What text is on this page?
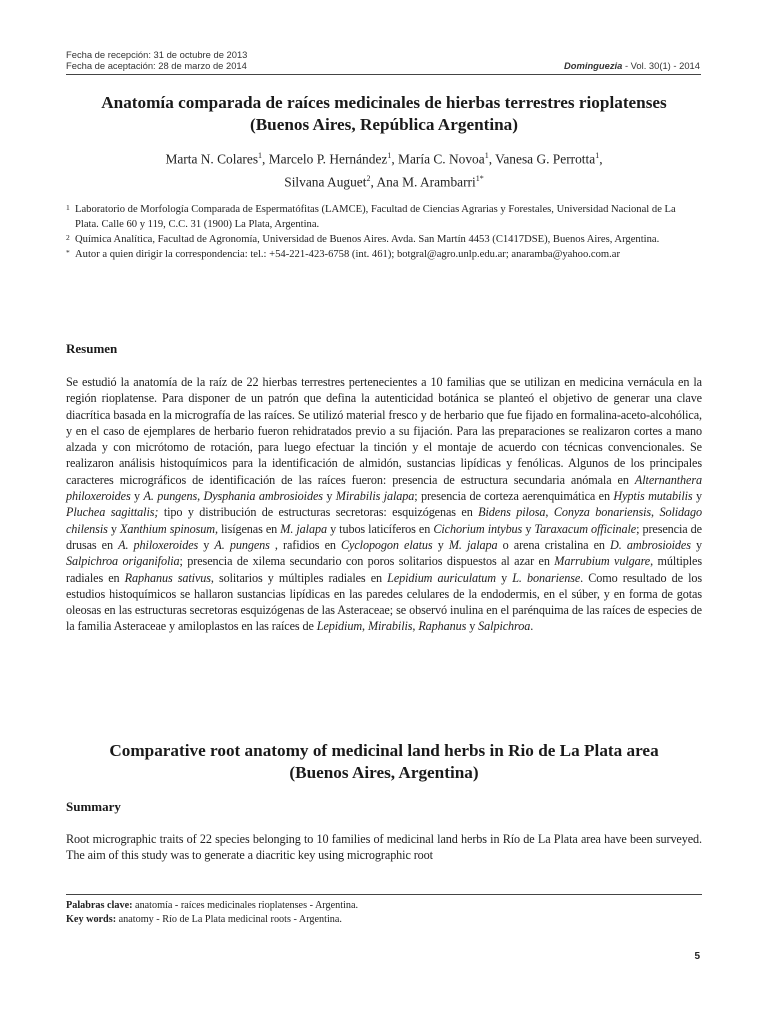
Fecha de recepción: 31 de octubre de 2013
Fecha de aceptación: 28 de marzo de 2014	Dominguezia - Vol. 30(1) - 2014
Anatomía comparada de raíces medicinales de hierbas terrestres rioplatenses
(Buenos Aires, República Argentina)
Marta N. Colares$^1$, Marcelo P. Hernández$^1$, María C. Novoa$^1$, Vanesa G. Perrotta$^1$,
Silvana Auguet$^2$, Ana M. Arambarri$^{1*}$
1 Laboratorio de Morfología Comparada de Espermatófitas (LAMCE), Facultad de Ciencias Agrarias y Forestales, Universidad Nacional de La Plata. Calle 60 y 119, C.C. 31 (1900) La Plata, Argentina.
2 Química Analítica, Facultad de Agronomía, Universidad de Buenos Aires. Avda. San Martín 4453 (C1417DSE), Buenos Aires, Argentina.
* Autor a quien dirigir la correspondencia: tel.: +54-221-423-6758 (int. 461); botgral@agro.unlp.edu.ar; anaramba@yahoo.com.ar
Resumen

Se estudió la anatomía de la raíz de 22 hierbas terrestres pertenecientes a 10 familias que se utilizan en medicina vernácula en la región rioplatense. Para disponer de un patrón que defina la autenticidad botánica se planteó el objetivo de generar una clave diacrítica basada en la micrografía de las raíces. Se utilizó material fresco y de herbario que fue fijado en formalina-aceto-alcohólica, y en el caso de ejemplares de herbario fueron rehidratados previo a su fijación. Para las preparaciones se realizaron cortes a mano alzada y con micrótomo de rotación, para luego efectuar la tinción y el montaje de acuerdo con técnicas convencionales. Se realizaron análisis histoquímicos para la identificación de almidón, sustancias lipídicas y fenólicas. Algunos de los principales caracteres micrográficos de identificación de las raíces fueron: presencia de estructura secundaria anómala en Alternanthera philoxeroides y A. pungens, Dysphania ambrosioides y Mirabilis jalapa; presencia de corteza aerenquimática en Hyptis mutabilis y Pluchea sagittalis; tipo y distribución de estructuras secretoras: esquizógenas en Bidens pilosa, Conyza bonariensis, Solidago chilensis y Xanthium spinosum, lisígenas en M. jalapa y tubos laticíferos en Cichorium intybus y Taraxacum officinale; presencia de drusas en A. philoxeroides y A. pungens , rafidios en Cyclopogon elatus y M. jalapa o arena cristalina en D. ambrosioides y Salpichroa origanifolia; presencia de xilema secundario con poros solitarios dispuestos al azar en Marrubium vulgare, múltiples radiales en Raphanus sativus, solitarios y múltiples radiales en Lepidium auriculatum y L. bonariense. Como resultado de los estudios histoquímicos se hallaron sustancias lipídicas en las paredes celulares de la endodermis, en el súber, y en forma de gotas oleosas en las estructuras secretoras esquizógenas de las Asteraceae; se observó inulina en el parénquima de las raíces de especies de la familia Asteraceae y amiloplastos en las raíces de Lepidium, Mirabilis, Raphanus y Salpichroa.

Comparative root anatomy of medicinal land herbs in Rio de La Plata area
(Buenos Aires, Argentina)
Summary

Root micrographic traits of 22 species belonging to 10 families of medicinal land herbs in Río de La Plata area have been surveyed. The aim of this study was to generate a diacritic key using micrographic root

Palabras clave: anatomía - raíces medicinales rioplatenses - Argentina.
Key words: anatomy - Río de La Plata medicinal roots - Argentina.
5
